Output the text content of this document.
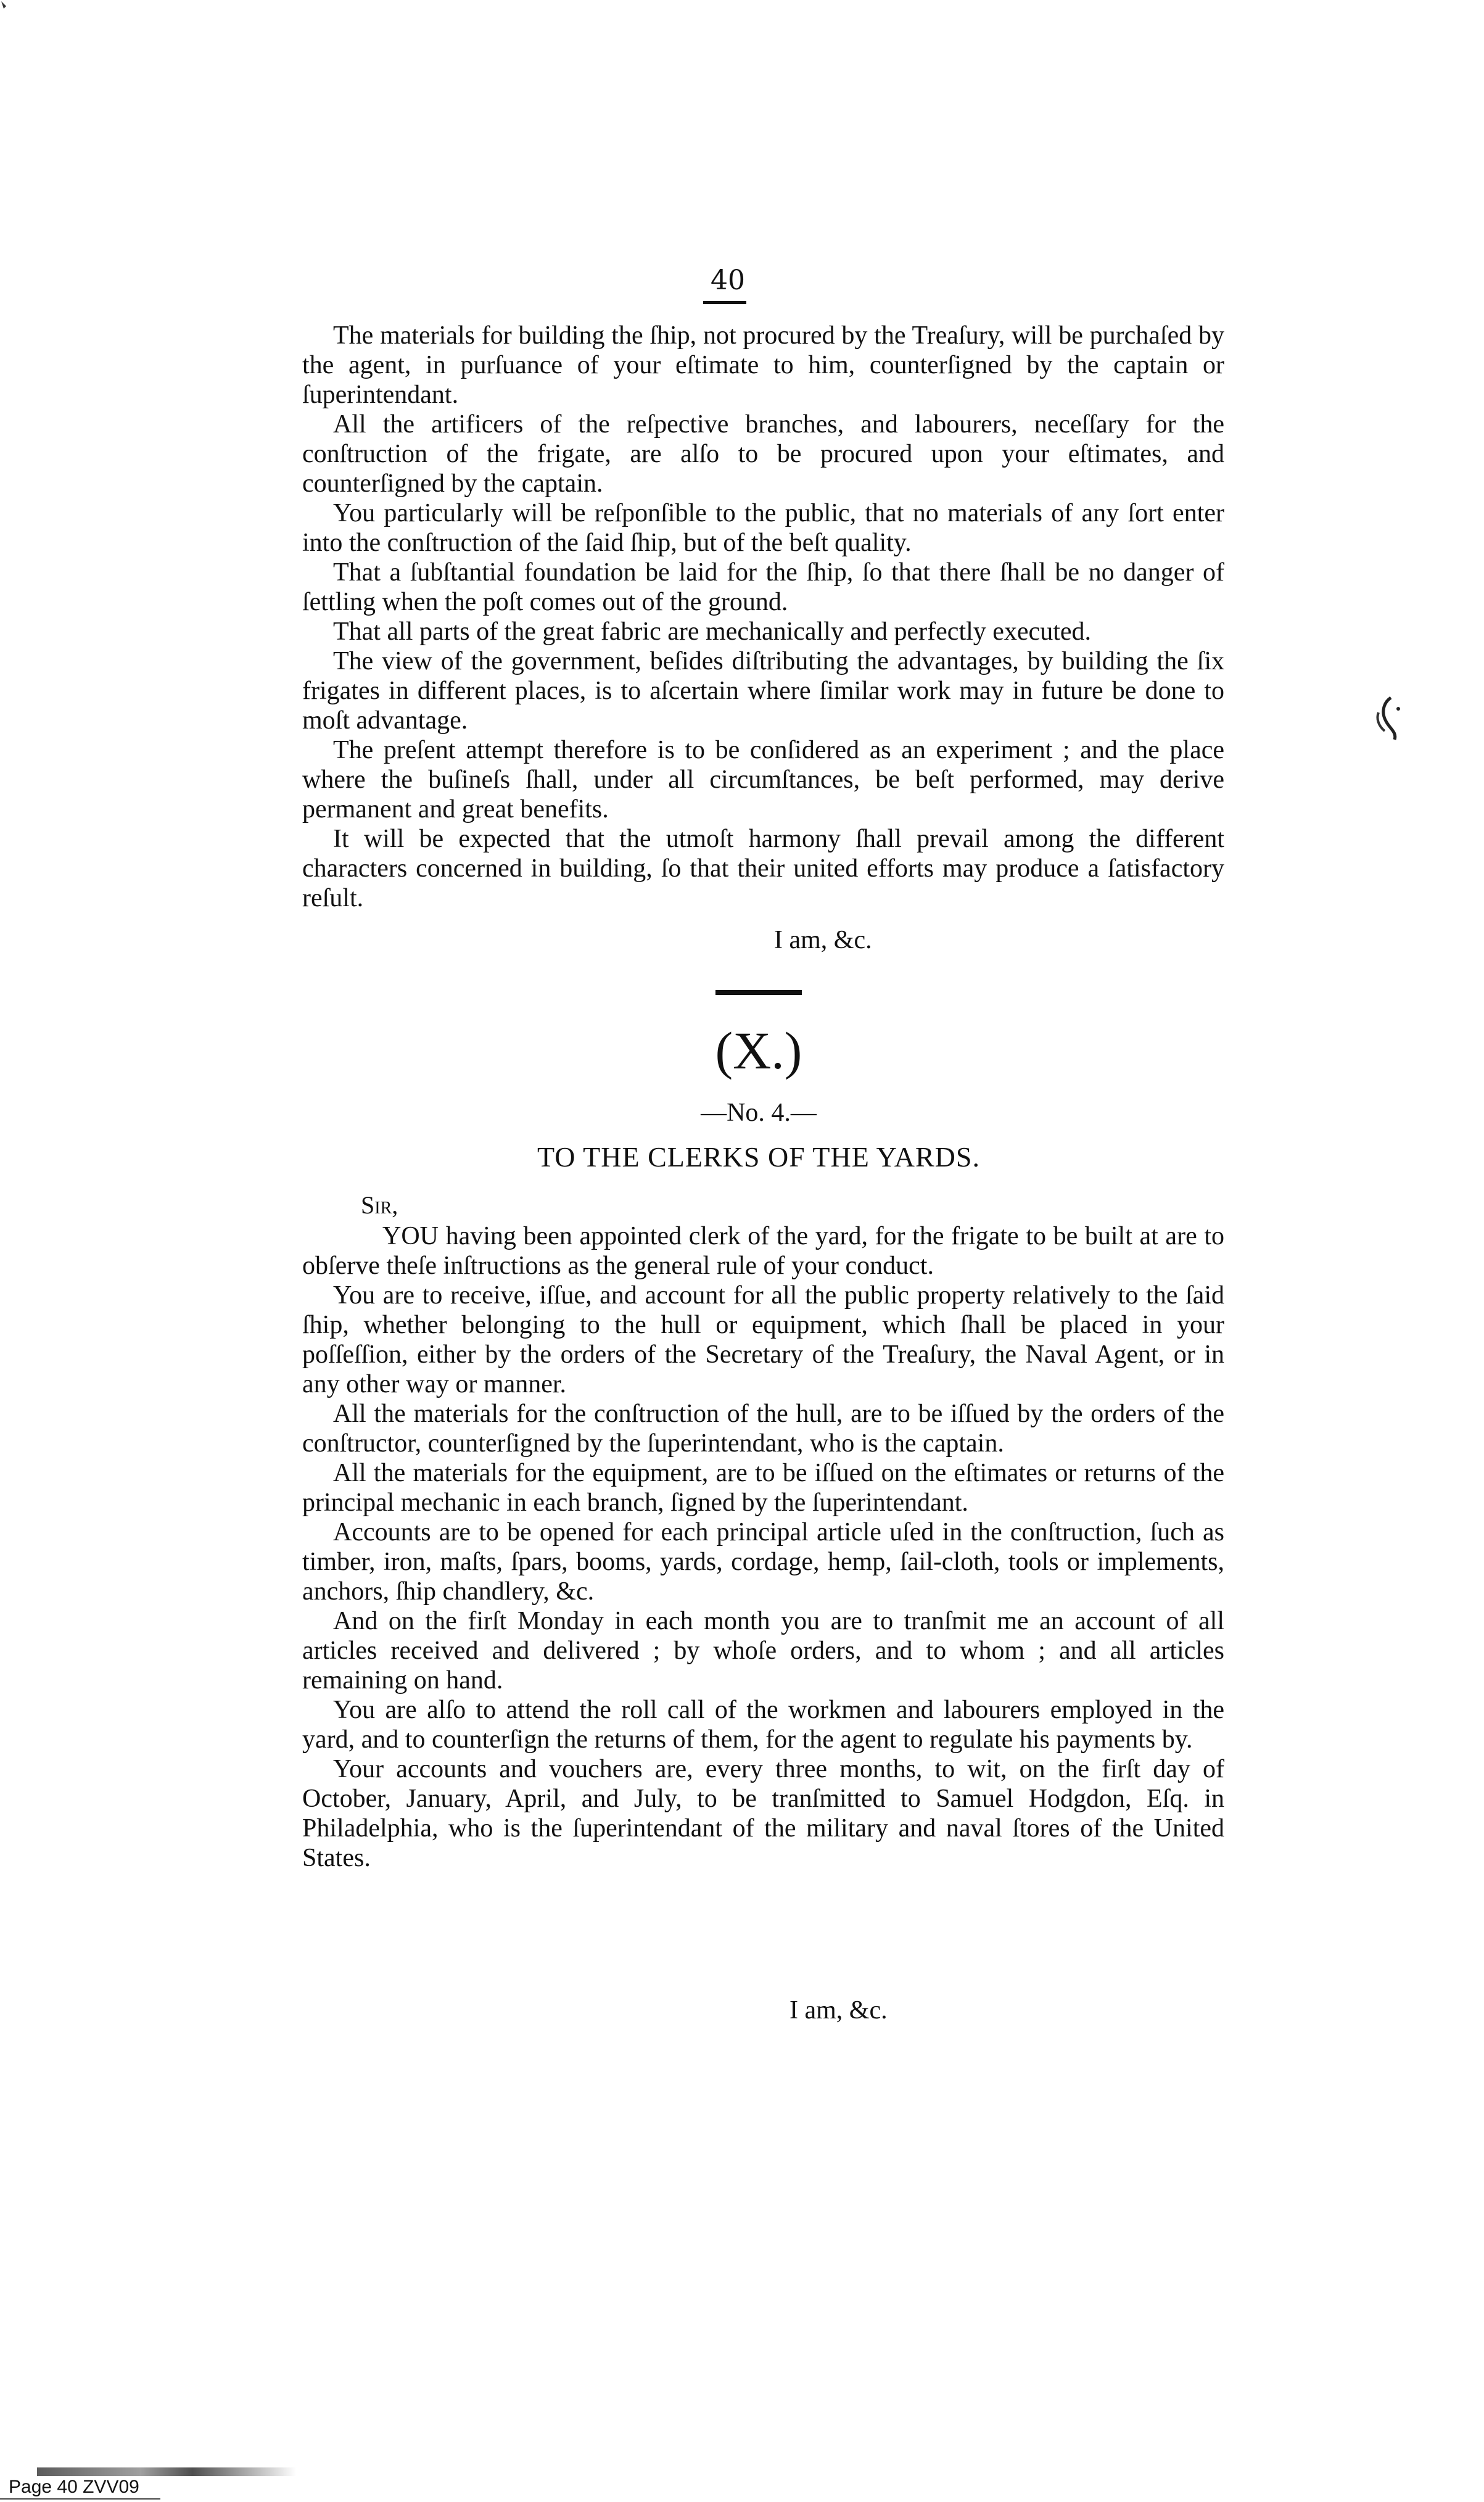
40

The materials for building the ſhip, not procured by the Treaſury, will be purchaſed by the agent, in purſuance of your eſtimate to him, counterſigned by the captain or ſuperintendant.

All the artificers of the reſpective branches, and labourers, neceſſary for the conſtruction of the frigate, are alſo to be procured upon your eſtimates, and counterſigned by the captain.

You particularly will be reſponſible to the public, that no materials of any ſort enter into the conſtruction of the ſaid ſhip, but of the beſt quality.

That a ſubſtantial foundation be laid for the ſhip, ſo that there ſhall be no danger of ſettling when the poſt comes out of the ground.

That all parts of the great fabric are mechanically and perfectly executed.

The view of the government, beſides diſtributing the advantages, by building the ſix frigates in different places, is to aſcertain where ſimilar work may in future be done to moſt advantage.

The preſent attempt therefore is to be conſidered as an experiment ; and the place where the buſineſs ſhall, under all circumſtances, be beſt performed, may derive permanent and great benefits.

It will be expected that the utmoſt harmony ſhall prevail among the different characters concerned in building, ſo that their united efforts may produce a ſatisfactory reſult.

I am, &c.
(X.)
—No. 4.—
TO THE CLERKS OF THE YARDS.
Sir,

YOU having been appointed clerk of the yard, for the frigate to be built at are to obſerve theſe inſtructions as the general rule of your conduct.

You are to receive, iſſue, and account for all the public property relatively to the ſaid ſhip, whether belonging to the hull or equipment, which ſhall be placed in your poſſeſſion, either by the orders of the Secretary of the Treaſury, the Naval Agent, or in any other way or manner.

All the materials for the conſtruction of the hull, are to be iſſued by the orders of the conſtructor, counterſigned by the ſuperintendant, who is the captain.

All the materials for the equipment, are to be iſſued on the eſtimates or returns of the principal mechanic in each branch, ſigned by the ſuperintendant.

Accounts are to be opened for each principal article uſed in the conſtruction, ſuch as timber, iron, maſts, ſpars, booms, yards, cordage, hemp, ſail-cloth, tools or implements, anchors, ſhip chandlery, &c.

And on the firſt Monday in each month you are to tranſmit me an account of all articles received and delivered ; by whoſe orders, and to whom ; and all articles remaining on hand.

You are alſo to attend the roll call of the workmen and labourers employed in the yard, and to counterſign the returns of them, for the agent to regulate his payments by.

Your accounts and vouchers are, every three months, to wit, on the firſt day of October, January, April, and July, to be tranſmitted to Samuel Hodgdon, Eſq. in Philadelphia, who is the ſuperintendant of the military and naval ſtores of the United States.

I am, &c.
Page 40 ZVV09
